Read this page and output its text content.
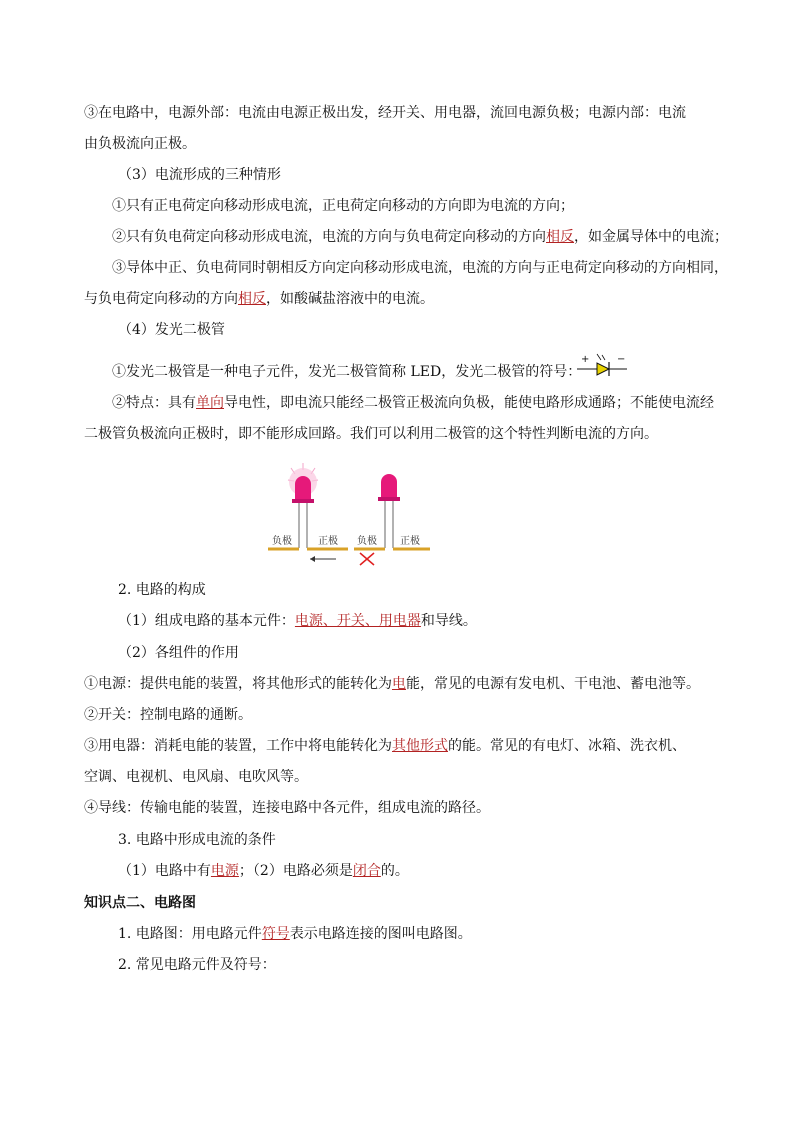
③在电路中，电源外部：电流由电源正极出发，经开关、用电器，流回电源负极；电源内部：电流
由负极流向正极。
（3）电流形成的三种情形
①只有正电荷定向移动形成电流，正电荷定向移动的方向即为电流的方向；
②只有负电荷定向移动形成电流，电流的方向与负电荷定向移动的方向相反，如金属导体中的电流；
③导体中正、负电荷同时朝相反方向定向移动形成电流，电流的方向与正电荷定向移动的方向相同，
与负电荷定向移动的方向相反，如酸碱盐溶液中的电流。
（4）发光二极管
①发光二极管是一种电子元件，发光二极管简称 LED，发光二极管的符号：
+	−
②特点：具有单向导电性，即电流只能经二极管正极流向负极，能使电路形成通路；不能使电流经
二极管负极流向正极时，即不能形成回路。我们可以利用二极管的这个特性判断电流的方向。
负极	正极 负极 正极
2. 电路的构成
（1）组成电路的基本元件：电源、开关、用电器和导线。
（2）各组件的作用
①电源：提供电能的装置，将其他形式的能转化为电能，常见的电源有发电机、干电池、蓄电池等。
②开关：控制电路的通断。
③用电器：消耗电能的装置，工作中将电能转化为其他形式的能。常见的有电灯、冰箱、洗衣机、
空调、电视机、电风扇、电吹风等。
④导线：传输电能的装置，连接电路中各元件，组成电流的路径。
3. 电路中形成电流的条件
（1）电路中有电源；（2）电路必须是闭合的。
知识点二、电路图
1. 电路图：用电路元件符号表示电路连接的图叫电路图。
2. 常见电路元件及符号：
